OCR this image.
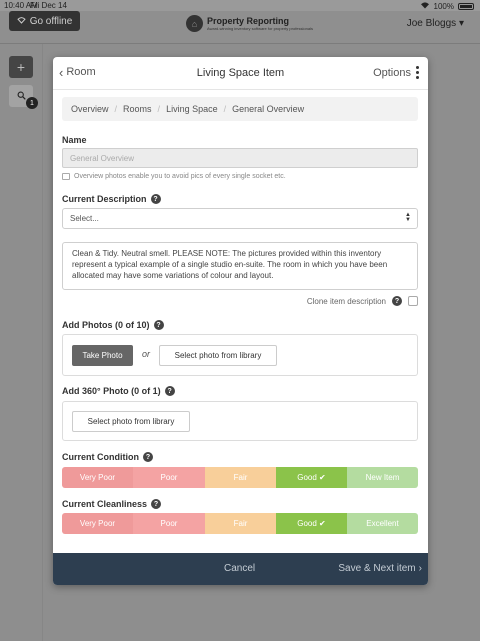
10:40 AM
Fri Dec 14	100%
Go offline	⌂	Property Reporting
Award-winning inventory software for property professionals	Joe Bloggs ▾
+
1
‹ Room	Living Space Item	Options
Overview / Rooms / Living Space / General Overview
Name
General Overview
Overview photos enable you to avoid pics of every single socket etc.
Current Description ?
Select...	▲
▼
Clean & Tidy. Neutral smell. PLEASE NOTE: The pictures provided within this inventory represent a typical example of a single studio en-suite. The room in which you have been allocated may have some variations of colour and layout.
Clone item description	?
Add Photos (0 of 10) ?
Take Photo	or	Select photo from library
Add 360° Photo (0 of 1) ?
Select photo from library
Current Condition ?
Very Poor	Poor	Fair	Good ✔	New Item
Current Cleanliness ?
Very Poor	Poor	Fair	Good ✔	Excellent
Cancel	Save & Next item ›
